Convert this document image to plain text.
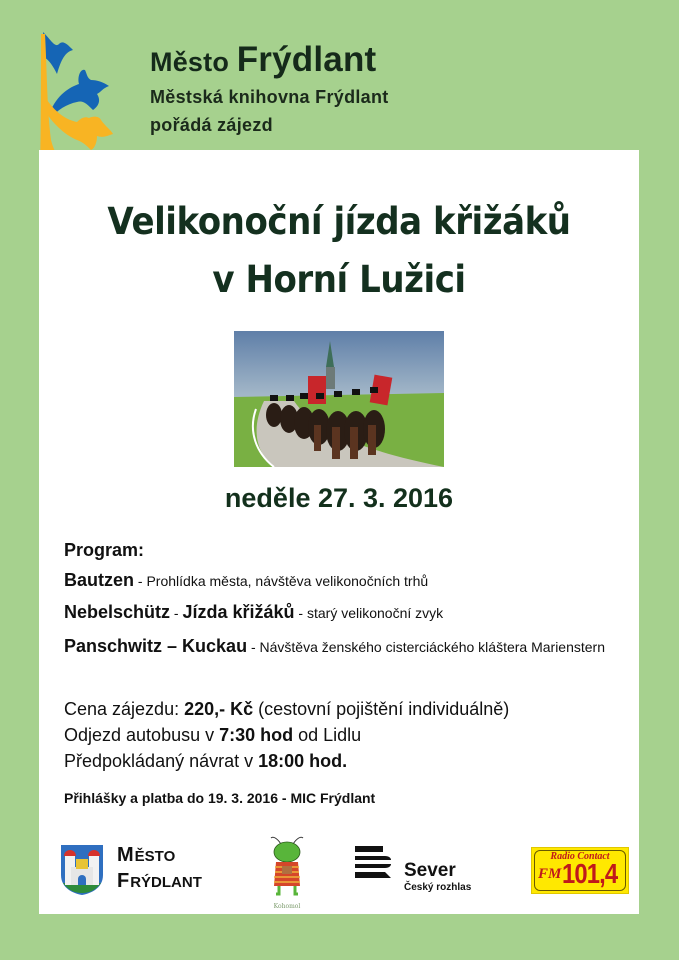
Město Frýdlant
Městská knihovna Frýdlant
pořádá zájezd
Velikonoční jízda křižáků
v Horní Lužici
neděle 27. 3. 2016
Program:
Bautzen - Prohlídka města, návštěva velikonočních trhů
Nebelschütz - Jízda křižáků - starý velikonoční zvyk
Panschwitz – Kuckau - Návštěva ženského cisterciáckého kláštera Marienstern
Cena zájezdu: 220,- Kč (cestovní pojištění individuálně)
Odjezd autobusu v 7:30 hod od Lidlu
Předpokládaný návrat v 18:00 hod.
Přihlášky a platba do 19. 3. 2016 - MIC Frýdlant
MĚSTO
FRÝDLANT
Kohomol
Sever
Český rozhlas
Radio Contact
FM 101,4
